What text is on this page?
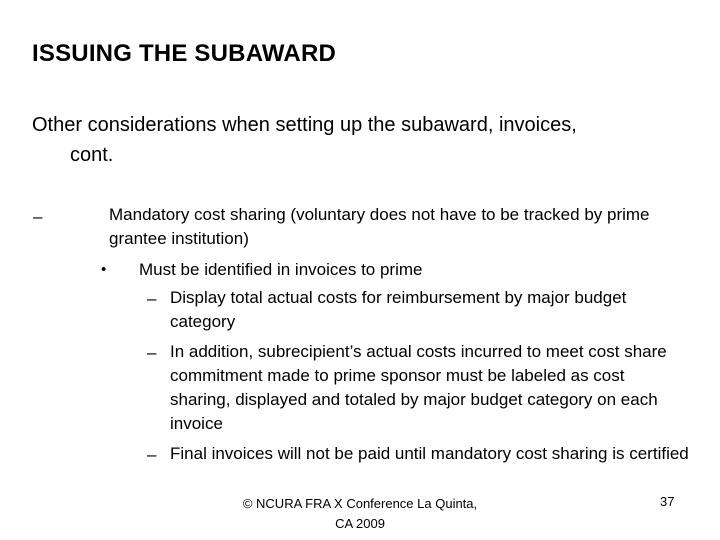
ISSUING THE SUBAWARD
Other considerations when setting up the subaward, invoices,
cont.
–	Mandatory cost sharing (voluntary does not have to be tracked by prime grantee institution)
• Must be identified in invoices to prime
– Display total actual costs for reimbursement by major budget category
– In addition, subrecipient’s actual costs incurred to meet cost share commitment made to prime sponsor must be labeled as cost sharing, displayed and totaled by major budget category on each invoice
– Final invoices will not be paid until mandatory cost sharing is certified
© NCURA FRA X Conference La Quinta, CA 2009
37
